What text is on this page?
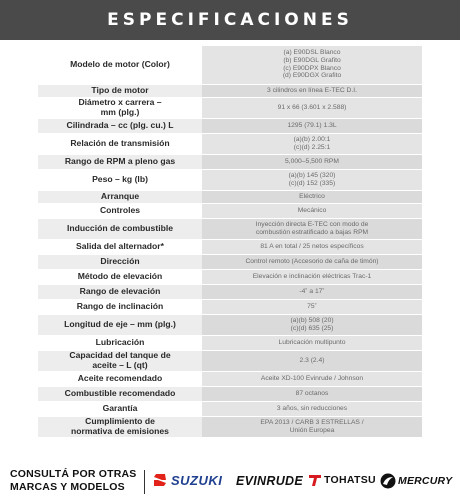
ESPECIFICACIONES
Modelo de motor (Color)	(a) E90DSL Blanco
(b) E90DGL Grafito
(c) E90DPX Blanco
(d) E90DGX Grafito
Tipo de motor	3 cilindros en línea E-TEC D.I.
Diámetro x carrera –
mm (plg.)	91 x 66 (3.601 x 2.588)
Cilindrada – cc (plg. cu.) L	1295 (79.1) 1.3L
Relación de transmisión	(a)(b) 2.00:1
(c)(d) 2.25:1
Rango de RPM a pleno gas	5,000–5,500 RPM
Peso – kg (lb)	(a)(b) 145 (320)
(c)(d) 152 (335)
Arranque	Eléctrico
Controles	Mecánico
Inducción de combustible	Inyección directa E-TEC con modo de
combustión estratificado a bajas RPM
Salida del alternador*	81 A en total / 25 netos específicos
Dirección	Control remoto (Accesorio de caña de timón)
Método de elevación	Elevación e inclinación eléctricas Trac-1
Rango de elevación	-4˚ a 17˚
Rango de inclinación	75˚
Longitud de eje – mm (plg.)	(a)(b) 508 (20)
(c)(d) 635 (25)
Lubricación	Lubricación multipunto
Capacidad del tanque de
aceite – L (qt)	2.3 (2.4)
Aceite recomendado	Aceite XD-100 Evinrude / Johnson
Combustible recomendado	87 octanos
Garantía	3 años, sin reducciones
Cumplimiento de
normativa de emisiones	EPA 2013 / CARB 3 ESTRELLAS /
Unión Europea
CONSULTÁ POR OTRAS
MARCAS Y MODELOS	SUZUKI EVINRUDE TOHATSU MERCURY
